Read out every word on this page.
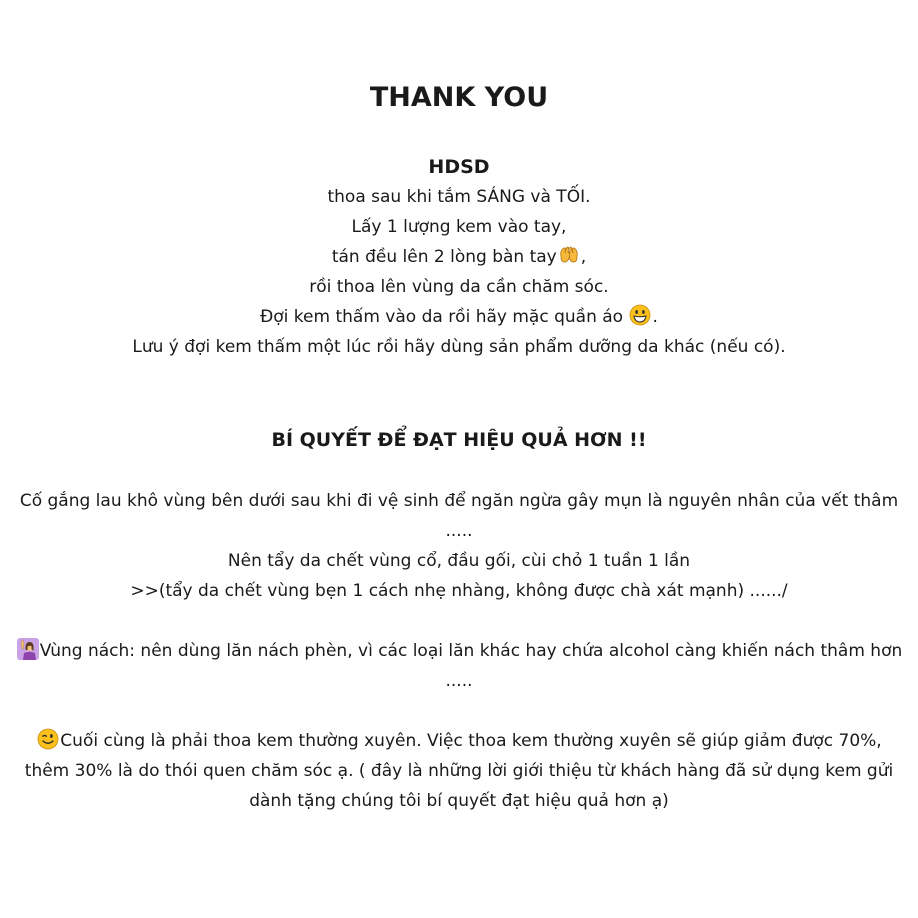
THANK YOU

HDSD

thoa sau khi tắm SÁNG và TỐI.

Lấy 1 lượng kem vào tay,

tán đều lên 2 lòng bàn tay ,

rồi thoa lên vùng da cần chăm sóc.

Đợi kem thấm vào da rồi hãy mặc quần áo
.

Lưu ý đợi kem thấm một lúc rồi hãy dùng sản phẩm dưỡng da khác (nếu có).

BÍ QUYẾT ĐỂ ĐẠT HIỆU QUẢ HƠN !!

Cố gắng lau khô vùng bên dưới sau khi đi vệ sinh để ngăn ngừa gây mụn là nguyên nhân của vết thâm

.....

Nên tẩy da chết vùng cổ, đầu gối, cùi chỏ 1 tuần 1 lần

>>(tẩy da chết vùng bẹn 1 cách nhẹ nhàng, không được chà xát mạnh) ....../

Vùng nách: nên dùng lăn nách phèn, vì các loại lăn khác hay chứa alcohol càng khiến nách thâm hơn .....

Cuối cùng là phải thoa kem thường xuyên. Việc thoa kem thường xuyên sẽ giúp giảm được 70%, thêm 30% là do thói quen chăm sóc ạ. ( đây là những lời giới thiệu từ khách hàng đã sử dụng kem gửi dành tặng chúng tôi bí quyết đạt hiệu quả hơn ạ)
